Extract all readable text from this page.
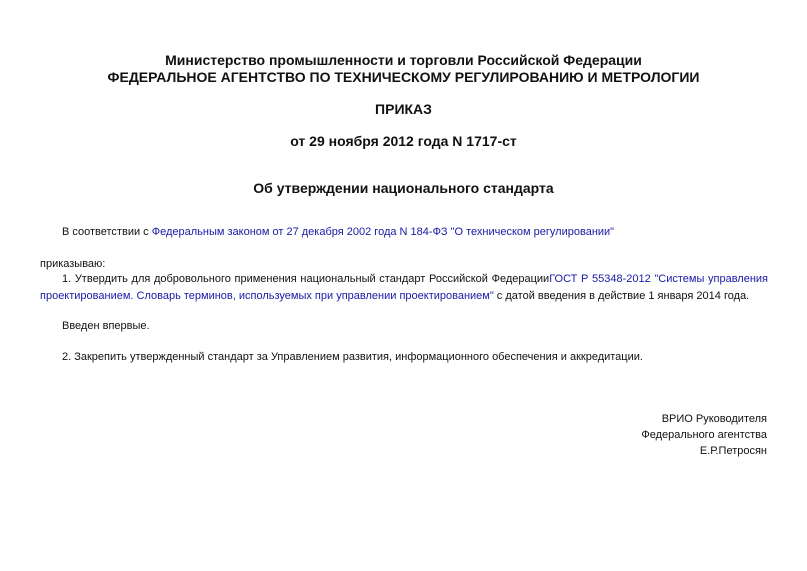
Министерство промышленности и торговли Российской Федерации
ФЕДЕРАЛЬНОЕ АГЕНТСТВО ПО ТЕХНИЧЕСКОМУ РЕГУЛИРОВАНИЮ И МЕТРОЛОГИИ
ПРИКАЗ
от 29 ноября 2012 года N 1717-ст
Об утверждении национального стандарта
В соответствии с Федеральным законом от 27 декабря 2002 года N 184-ФЗ "О техническом регулировании"
приказываю:
1. Утвердить для добровольного применения национальный стандарт Российской ФедерацииГОСТ Р 55348-2012 "Системы управления
проектированием. Словарь терминов, используемых при управлении проектированием" с датой введения в действие 1 января 2014 года.
Введен впервые.
2. Закрепить утвержденный стандарт за Управлением развития, информационного обеспечения и аккредитации.
ВРИО Руководителя
Федерального агентства
Е.Р.Петросян
